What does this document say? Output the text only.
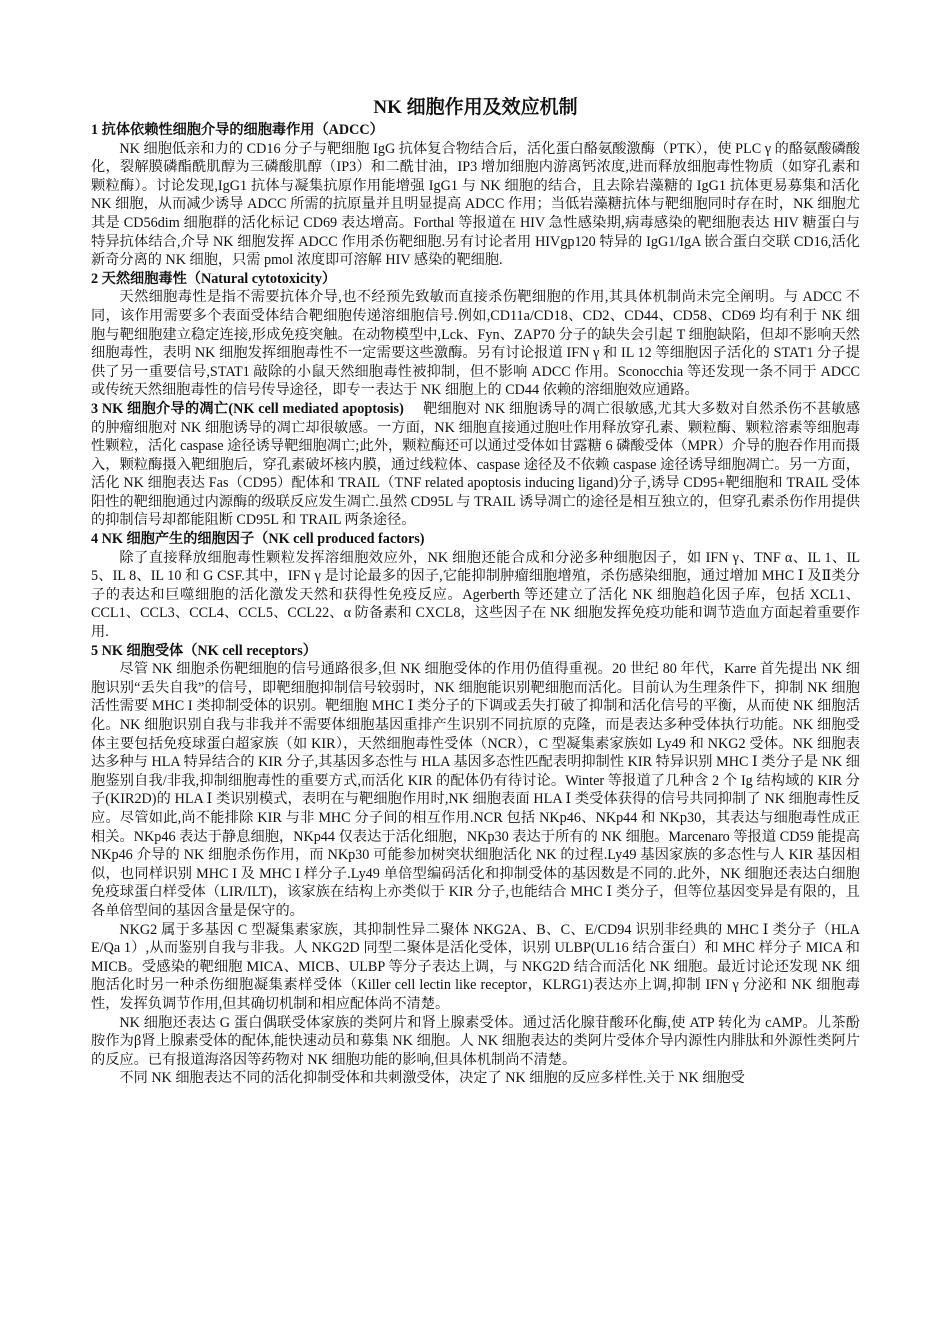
NK 细胞作用及效应机制

1 抗体依赖性细胞介导的细胞毒作用（ADCC）

NK 细胞低亲和力的 CD16 分子与靶细胞 IgG 抗体复合物结合后，活化蛋白酪氨酸激酶（PTK），使 PLC γ 的酪氨酸磷酸化，裂解膜磷酯酰肌醇为三磷酸肌醇（IP3）和二酰甘油，IP3 增加细胞内游离钙浓度,进而释放细胞毒性物质（如穿孔素和颗粒酶）。讨论发现,IgG1 抗体与凝集抗原作用能增强 IgG1 与 NK 细胞的结合，且去除岩藻糖的 IgG1 抗体更易募集和活化 NK 细胞，从而减少诱导 ADCC 所需的抗原量并且明显提高 ADCC 作用；当低岩藻糖抗体与靶细胞同时存在时，NK 细胞尤其是 CD56dim 细胞群的活化标记 CD69 表达增高。Forthal 等报道在 HIV 急性感染期,病毒感染的靶细胞表达 HIV 糖蛋白与特异抗体结合,介导 NK 细胞发挥 ADCC 作用杀伤靶细胞.另有讨论者用 HIVgp120 特异的 IgG1/IgA 嵌合蛋白交联 CD16,活化新奇分离的 NK 细胞，只需 pmol 浓度即可溶解 HIV 感染的靶细胞.

2 天然细胞毒性（Natural cytotoxicity）

天然细胞毒性是指不需要抗体介导,也不经预先致敏而直接杀伤靶细胞的作用,其具体机制尚未完全阐明。与 ADCC 不同，该作用需要多个表面受体结合靶细胞传递溶细胞信号.例如,CD11a/CD18、CD2、CD44、CD58、CD69 均有利于 NK 细胞与靶细胞建立稳定连接,形成免疫突触。在动物模型中,Lck、Fyn、ZAP70 分子的缺失会引起 T 细胞缺陷，但却不影响天然细胞毒性，表明 NK 细胞发挥细胞毒性不一定需要这些激酶。另有讨论报道 IFN γ 和 IL 12 等细胞因子活化的 STAT1 分子提供了另一重要信号,STAT1 敲除的小鼠天然细胞毒性被抑制，但不影响 ADCC 作用。Sconocchia 等还发现一条不同于 ADCC 或传统天然细胞毒性的信号传导途径，即专一表达于 NK 细胞上的 CD44 依赖的溶细胞效应通路。

3 NK 细胞介导的凋亡(NK cell mediated apoptosis) 靶细胞对 NK 细胞诱导的凋亡很敏感,尤其大多数对自然杀伤不甚敏感的肿瘤细胞对 NK 细胞诱导的凋亡却很敏感。一方面，NK 细胞直接通过胞吐作用释放穿孔素、颗粒酶、颗粒溶素等细胞毒性颗粒，活化 caspase 途径诱导靶细胞凋亡;此外，颗粒酶还可以通过受体如甘露糖 6 磷酸受体（MPR）介导的胞吞作用而摄入，颗粒酶摄入靶细胞后，穿孔素破坏核内膜，通过线粒体、caspase 途径及不依赖 caspase 途径诱导细胞凋亡。另一方面，活化 NK 细胞表达 Fas（CD95）配体和 TRAIL（TNF related apoptosis inducing ligand)分子,诱导 CD95+靶细胞和 TRAIL 受体阳性的靶细胞通过内源酶的级联反应发生凋亡.虽然 CD95L 与 TRAIL 诱导凋亡的途径是相互独立的，但穿孔素杀伤作用提供的抑制信号却都能阻断 CD95L 和 TRAIL 两条途径。

4 NK 细胞产生的细胞因子（NK cell produced factors)

除了直接释放细胞毒性颗粒发挥溶细胞效应外，NK 细胞还能合成和分泌多种细胞因子，如 IFN γ、TNF α、IL 1、IL 5、IL 8、IL 10 和 G CSF.其中，IFN γ 是讨论最多的因子,它能抑制肿瘤细胞增殖，杀伤感染细胞，通过增加 MHC Ⅰ 及Ⅱ类分子的表达和巨噬细胞的活化激发天然和获得性免疫反应。Agerberth 等还建立了活化 NK 细胞趋化因子库，包括 XCL1、CCL1、CCL3、CCL4、CCL5、CCL22、α 防备素和 CXCL8，这些因子在 NK 细胞发挥免疫功能和调节造血方面起着重要作用.

5 NK 细胞受体（NK cell receptors）

尽管 NK 细胞杀伤靶细胞的信号通路很多,但 NK 细胞受体的作用仍值得重视。20 世纪 80 年代，Karre 首先提出 NK 细胞识别“丢失自我”的信号，即靶细胞抑制信号较弱时，NK 细胞能识别靶细胞而活化。目前认为生理条件下，抑制 NK 细胞活性需要 MHC I 类抑制受体的识别。靶细胞 MHC Ⅰ 类分子的下调或丢失打破了抑制和活化信号的平衡，从而使 NK 细胞活化。NK 细胞识别自我与非我并不需要体细胞基因重排产生识别不同抗原的克隆，而是表达多种受体执行功能。NK 细胞受体主要包括免疫球蛋白超家族（如 KIR），天然细胞毒性受体（NCR），C 型凝集素家族如 Ly49 和 NKG2 受体。NK 细胞表达多种与 HLA 特异结合的 KIR 分子,其基因多态性与 HLA 基因多态性匹配表明抑制性 KIR 特异识别 MHC Ⅰ 类分子是 NK 细胞鉴别自我/非我,抑制细胞毒性的重要方式,而活化 KIR 的配体仍有待讨论。Winter 等报道了几种含 2 个 Ig 结构域的 KIR 分子(KIR2D)的 HLA Ⅰ 类识别模式，表明在与靶细胞作用时,NK 细胞表面 HLA Ⅰ 类受体获得的信号共同抑制了 NK 细胞毒性反应。尽管如此,尚不能排除 KIR 与非 MHC 分子间的相互作用.NCR 包括 NKp46、NKp44 和 NKp30，其表达与细胞毒性成正相关。NKp46 表达于静息细胞，NKp44 仅表达于活化细胞，NKp30 表达于所有的 NK 细胞。Marcenaro 等报道 CD59 能提高 NKp46 介导的 NK 细胞杀伤作用，而 NKp30 可能参加树突状细胞活化 NK 的过程.Ly49 基因家族的多态性与人 KIR 基因相似，也同样识别 MHC I 及 MHC I 样分子.Ly49 单倍型编码活化和抑制受体的基因数是不同的.此外，NK 细胞还表达白细胞免疫球蛋白样受体（LIR/ILT)，该家族在结构上亦类似于 KIR 分子,也能结合 MHC Ⅰ 类分子，但等位基因变异是有限的，且各单倍型间的基因含量是保守的。

NKG2 属于多基因 C 型凝集素家族，其抑制性异二聚体 NKG2A、B、C、E/CD94 识别非经典的 MHC Ⅰ 类分子（HLA E/Qa 1）,从而鉴别自我与非我。人 NKG2D 同型二聚体是活化受体，识别 ULBP(UL16 结合蛋白）和 MHC 样分子 MICA 和 MICB。受感染的靶细胞 MICA、MICB、ULBP 等分子表达上调，与 NKG2D 结合而活化 NK 细胞。最近讨论还发现 NK 细胞活化时另一种杀伤细胞凝集素样受体（Killer cell lectin like receptor，KLRG1)表达亦上调,抑制 IFN γ 分泌和 NK 细胞毒性，发挥负调节作用,但其确切机制和相应配体尚不清楚。

NK 细胞还表达 G 蛋白偶联受体家族的类阿片和肾上腺素受体。通过活化腺苷酸环化酶,使 ATP 转化为 cAMP。儿茶酚胺作为β肾上腺素受体的配体,能快速动员和募集 NK 细胞。人 NK 细胞表达的类阿片受体介导内源性内腓肽和外源性类阿片的反应。已有报道海洛因等药物对 NK 细胞功能的影响,但具体机制尚不清楚。

不同 NK 细胞表达不同的活化抑制受体和共刺激受体，决定了 NK 细胞的反应多样性.关于 NK 细胞受
